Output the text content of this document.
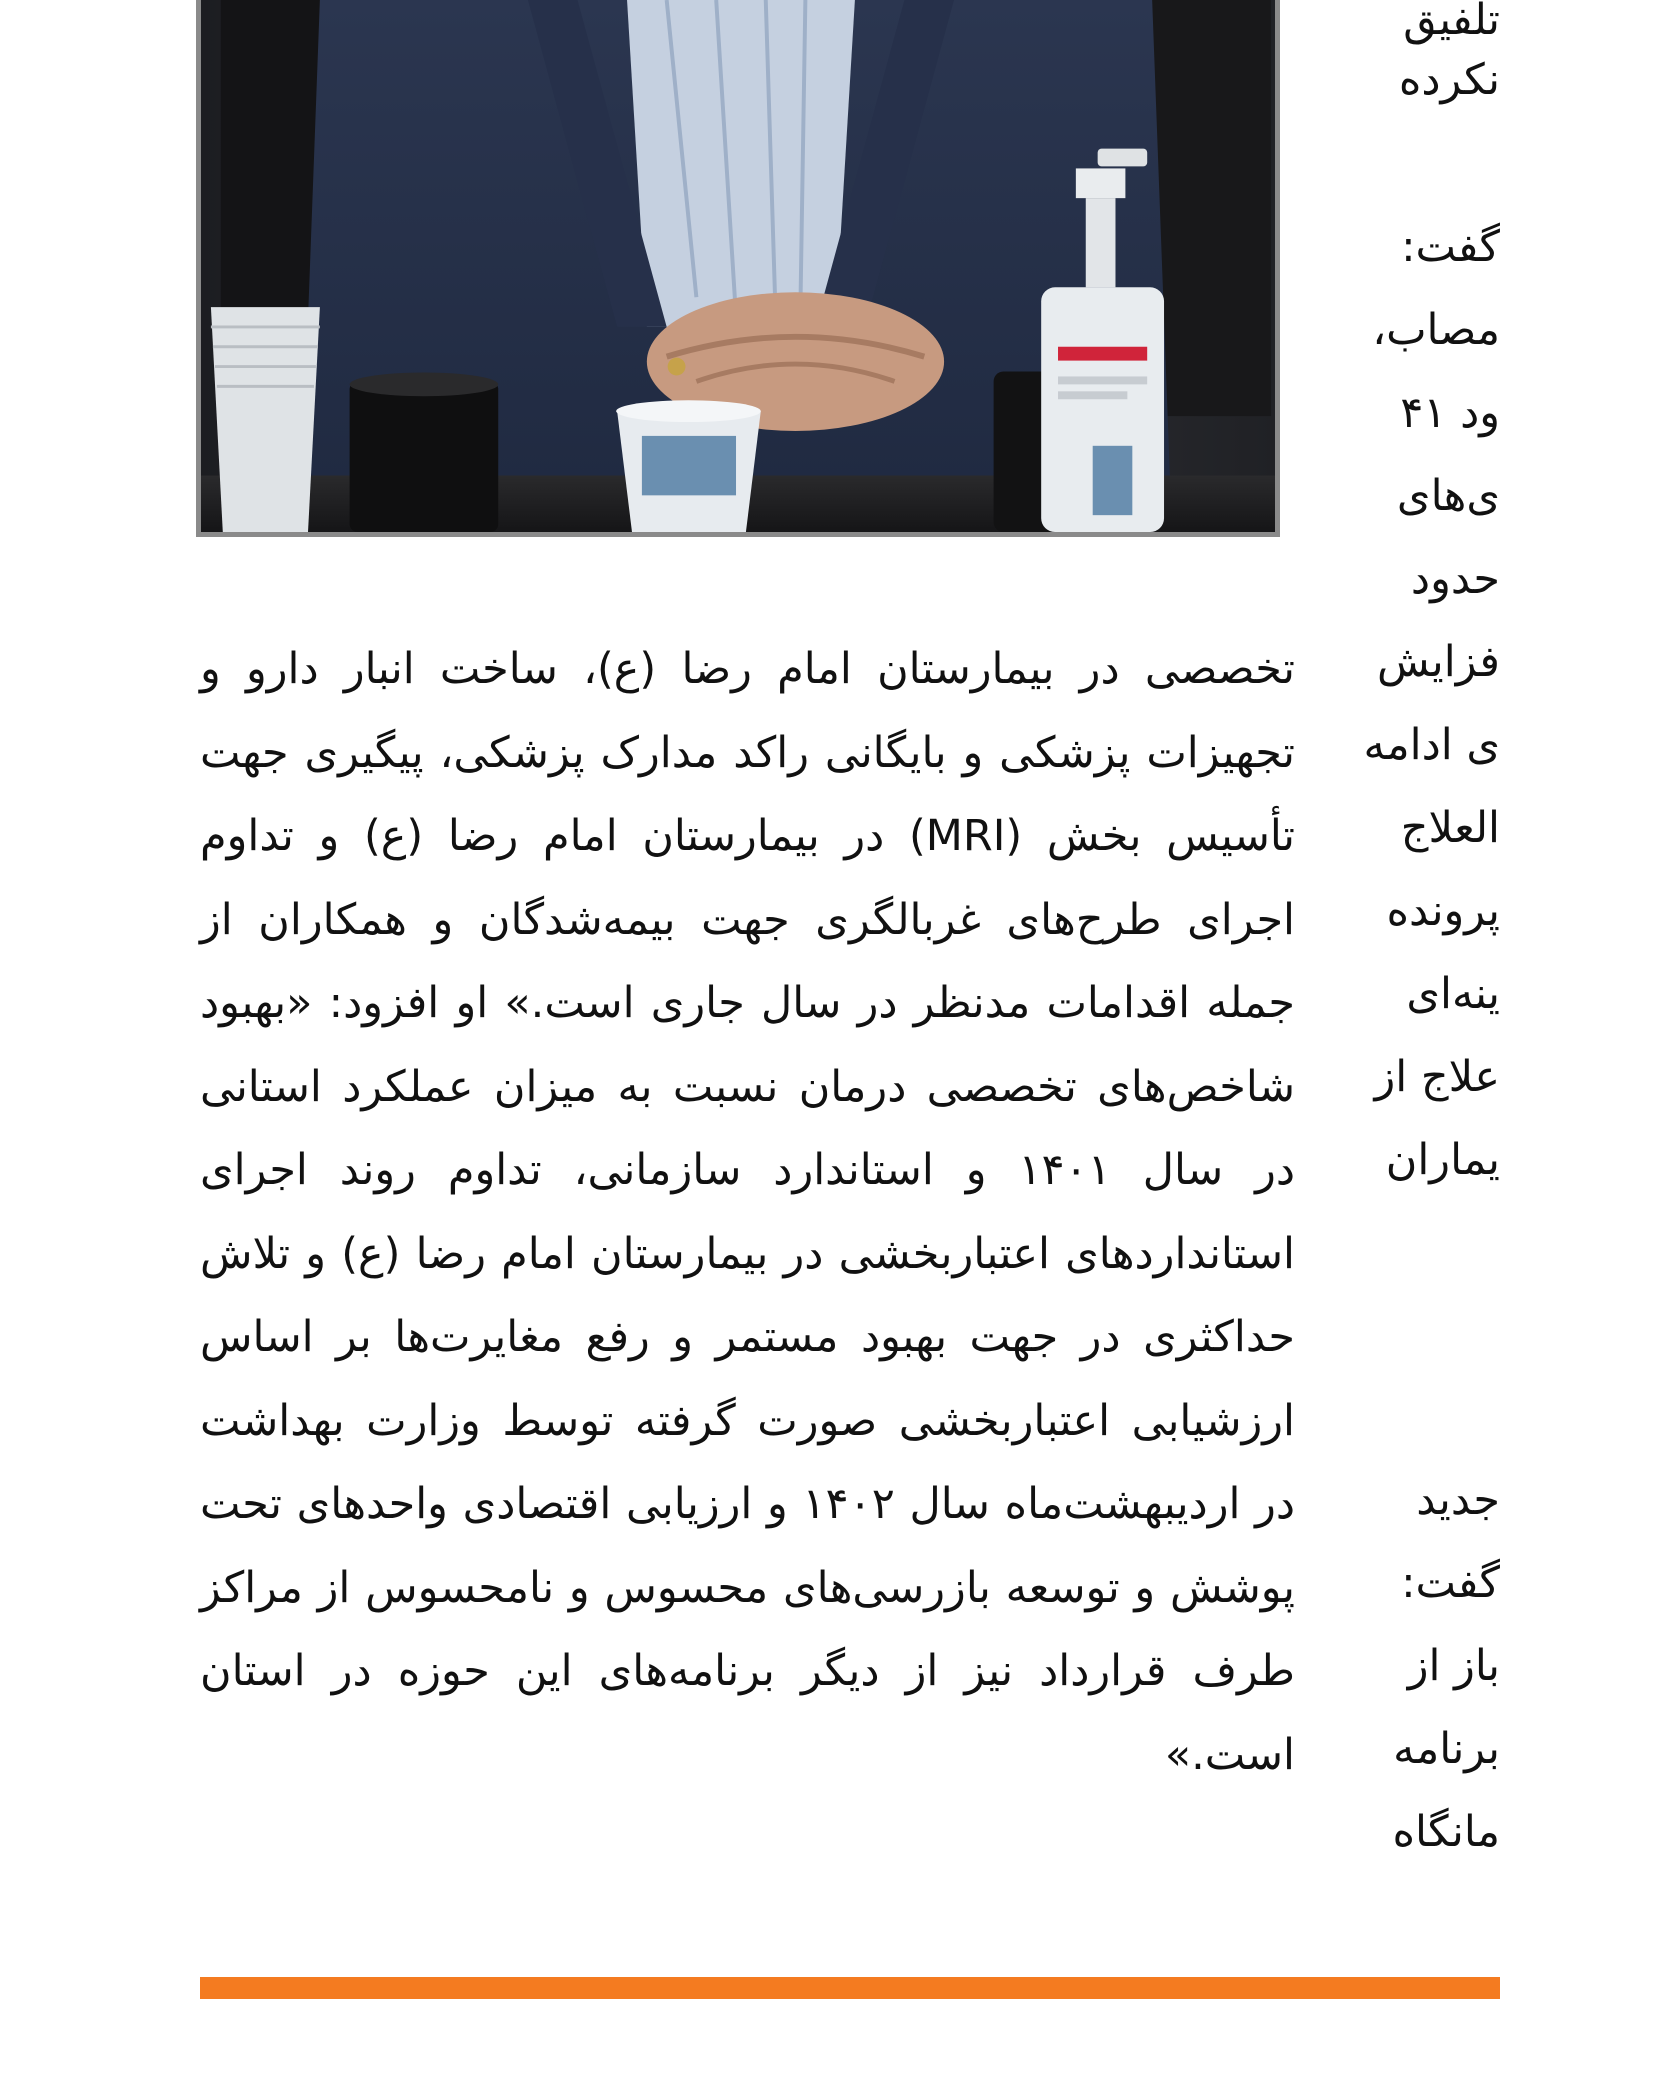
تخصصی در بیمارستان امام رضا (ع)، ساخت انبار دارو و تجهیزات پزشکی و بایگانی راکد مدارک پزشکی، پیگیری جهت تأسیس بخش (MRI) در بیمارستان امام رضا (ع) و تداوم اجرای طرح‌های غربالگری جهت بیمه‌شدگان و همکاران از جمله اقدامات مدنظر در سال جاری است.» او افزود: «بهبود شاخص‌های تخصصی درمان نسبت به میزان عملکرد استانی در سال ۱۴۰۱ و استاندارد سازمانی، تداوم روند اجرای استانداردهای اعتباربخشی در بیمارستان امام رضا (ع) و تلاش حداکثری در جهت بهبود مستمر و رفع مغایرت‌ها بر اساس ارزشیابی اعتباربخشی صورت گرفته توسط وزارت بهداشت در اردیبهشت‌ماه سال ۱۴۰۲ و ارزیابی اقتصادی واحدهای تحت پوشش و توسعه بازرسی‌های محسوس و نامحسوس از مراکز طرف قرارداد نیز از دیگر برنامه‌های این حوزه در استان است.»

تلفیق
نکرده
گفت:
مصاب،
ود ۴۱
ی‌های
حدود
فزایش
ی ادامه
العلاج
پرونده
ینه‌ای
علاج از
یماران
جدید
گفت:
باز از
برنامه
مانگاه
